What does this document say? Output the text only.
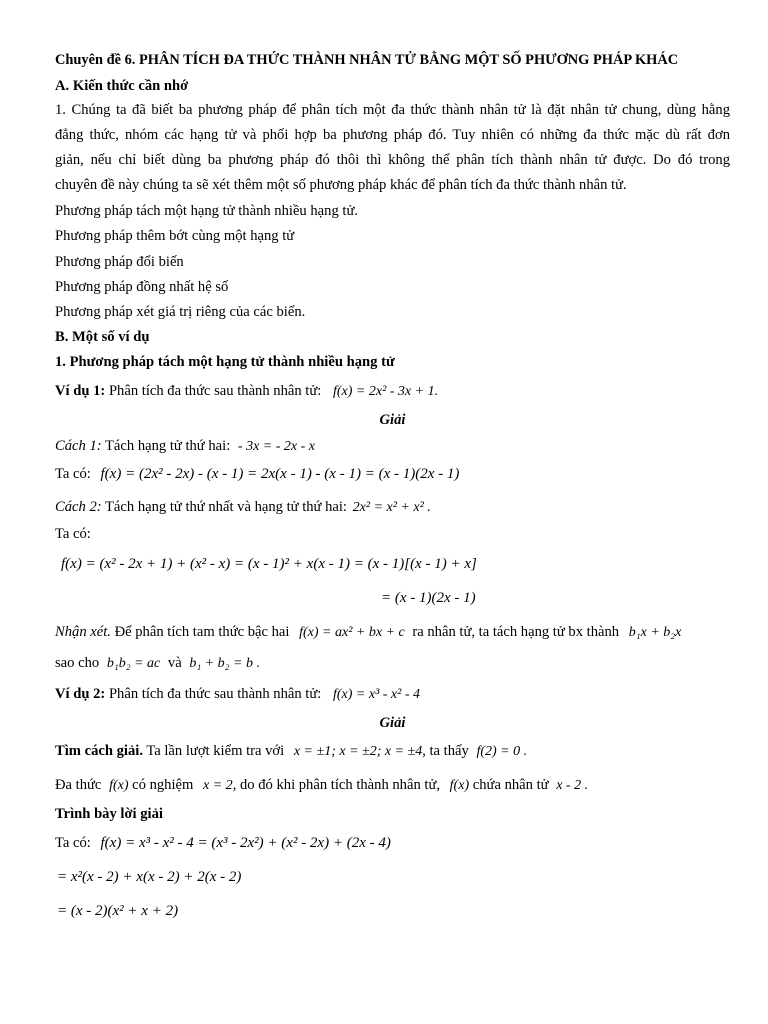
Chuyên đề 6. PHÂN TÍCH ĐA THỨC THÀNH NHÂN TỬ BẰNG MỘT SỐ PHƯƠNG PHÁP KHÁC
A. Kiến thức cần nhớ
1. Chúng ta đã biết ba phương pháp để phân tích một đa thức thành nhân tử là đặt nhân tử chung, dùng hằng
đẳng thức, nhóm các hạng tử và phối hợp ba phương pháp đó. Tuy nhiên có những đa thức mặc dù rất đơn
giản, nếu chỉ biết dùng ba phương pháp đó thôi thì không thể phân tích thành nhân tử được. Do đó trong
chuyên đề này chúng ta sẽ xét thêm một số phương pháp khác để phân tích đa thức thành nhân tử.
Phương pháp tách một hạng tử thành nhiều hạng tử.
Phương pháp thêm bớt cùng một hạng tử
Phương pháp đổi biến
Phương pháp đồng nhất hệ số
Phương pháp xét giá trị riêng của các biến.
B. Một số ví dụ
1. Phương pháp tách một hạng tử thành nhiều hạng tử
Ví dụ 1: Phân tích đa thức sau thành nhân tử: f(x) = 2x² - 3x + 1.
Giải
Cách 1: Tách hạng tử thứ hai: - 3x = - 2x - x
Ta có: f(x) = (2x² - 2x) - (x - 1) = 2x(x - 1) - (x - 1) = (x - 1)(2x - 1)
Cách 2: Tách hạng tử thứ nhất và hạng tử thứ hai: 2x² = x² + x² .
Ta có:
f(x) = (x² - 2x + 1) + (x² - x) = (x - 1)² + x(x - 1) = (x - 1)[(x - 1) + x]
= (x - 1)(2x - 1)
Nhận xét. Để phân tích tam thức bậc hai f(x) = ax² + bx + c ra nhân tử, ta tách hạng tử bx thành b₁x + b₂x
sao cho b₁b₂ = ac và b₁ + b₂ = b .
Ví dụ 2: Phân tích đa thức sau thành nhân tử: f(x) = x³ - x² - 4
Giải
Tìm cách giải. Ta lần lượt kiểm tra với x = ±1; x = ±2; x = ±4, ta thấy f(2) = 0 .
Đa thức f(x) có nghiệm x = 2, do đó khi phân tích thành nhân tử, f(x) chứa nhân tử x - 2 .
Trình bày lời giải
Ta có: f(x) = x³ - x² - 4 = (x³ - 2x²) + (x² - 2x) + (2x - 4)
= x²(x - 2) + x(x - 2) + 2(x - 2)
= (x - 2)(x² + x + 2)
